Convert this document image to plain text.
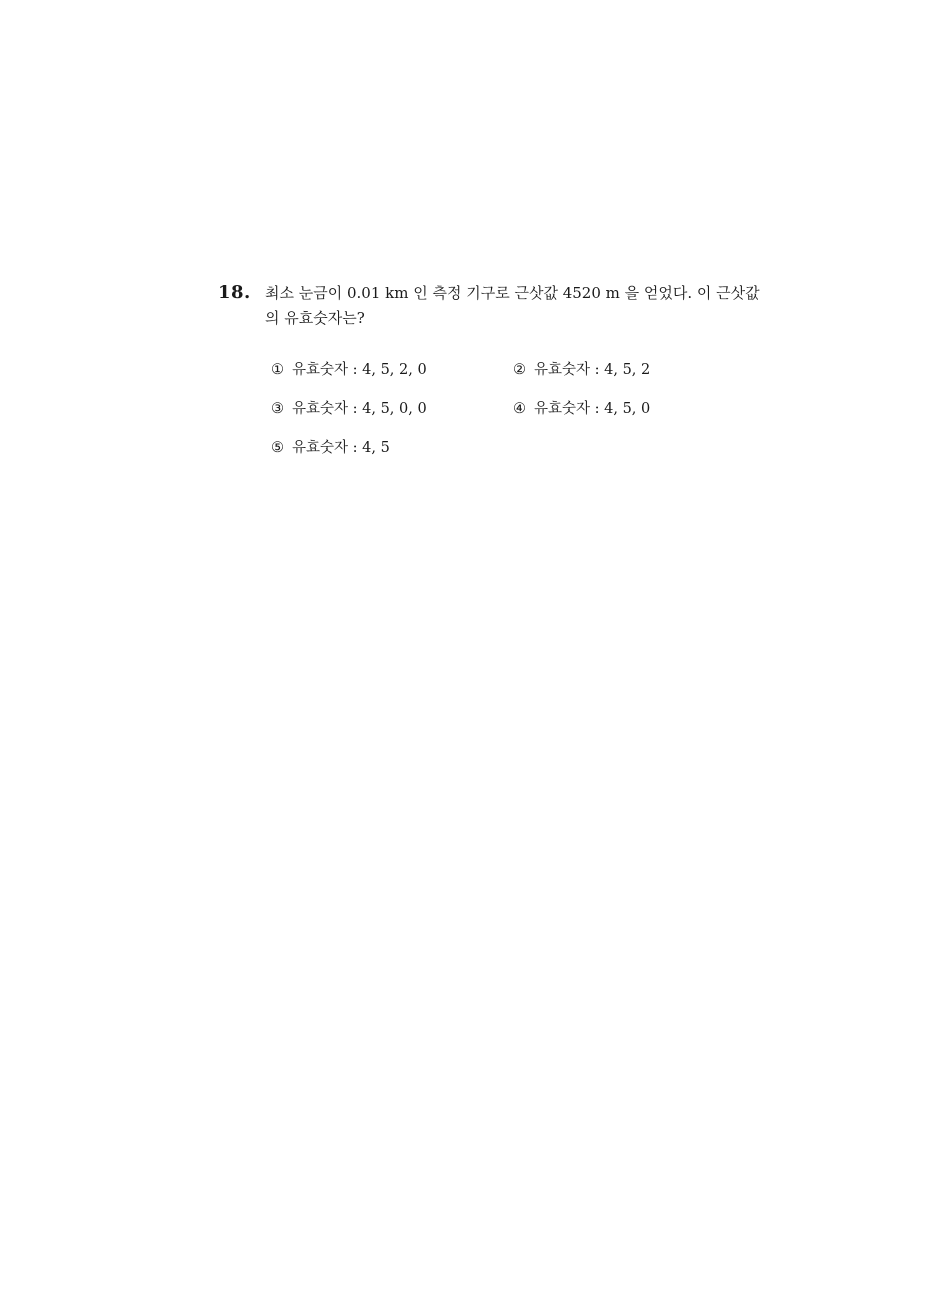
18. 최소 눈금이 0.01 km 인 측정 기구로 근삿값 4520 m 을 얻었다. 이 근삿값의 유효숫자는?
① 유효숫자 : 4, 5, 2, 0	② 유효숫자 : 4, 5, 2
③ 유효숫자 : 4, 5, 0, 0	④ 유효숫자 : 4, 5, 0
⑤ 유효숫자 : 4, 5
